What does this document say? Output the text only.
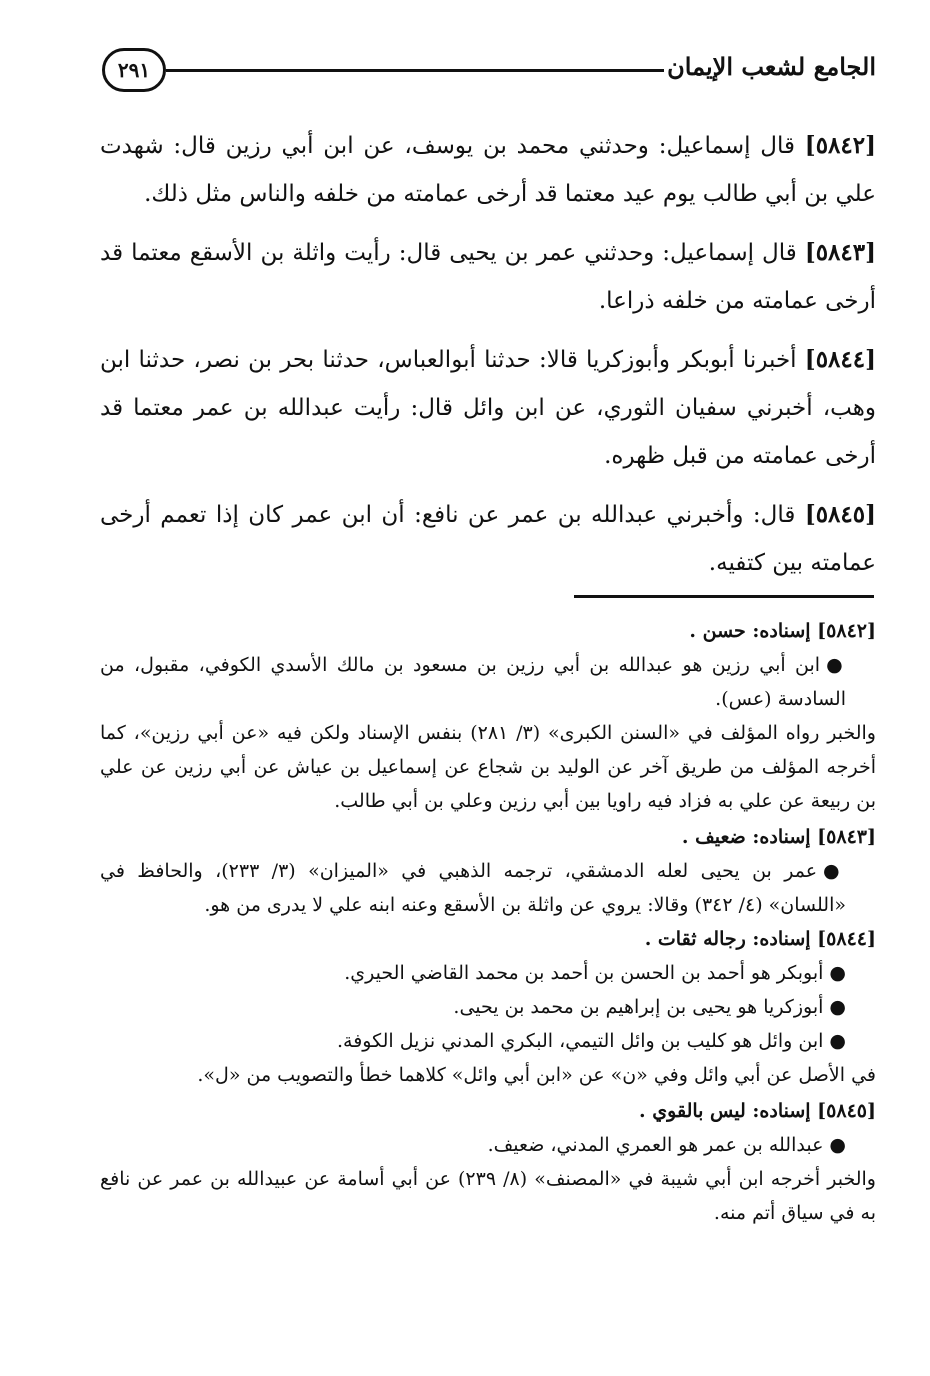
٢٩١	الجامع لشعب الإيمان

[٥٨٤٢] قال إسماعيل: وحدثني محمد بن يوسف، عن ابن أبي رزين قال: شهدت علي بن أبي طالب يوم عيد معتما قد أرخى عمامته من خلفه والناس مثل ذلك.

[٥٨٤٣] قال إسماعيل: وحدثني عمر بن يحيى قال: رأيت واثلة بن الأسقع معتما قد أرخى عمامته من خلفه ذراعا.

[٥٨٤٤] أخبرنا أبوبكر وأبوزكريا قالا: حدثنا أبوالعباس، حدثنا بحر بن نصر، حدثنا ابن وهب، أخبرني سفيان الثوري، عن ابن وائل قال: رأيت عبدالله بن عمر معتما قد أرخى عمامته من قبل ظهره.

[٥٨٤٥] قال: وأخبرني عبدالله بن عمر عن نافع: أن ابن عمر كان إذا تعمم أرخى عمامته بين كتفيه.

[٥٨٤٢] إسناده: حسن .

●ابن أبي رزين هو عبدالله بن أبي رزين بن مسعود بن مالك الأسدي الكوفي، مقبول، من السادسة (عس).

والخبر رواه المؤلف في «السنن الكبرى» (٣/ ٢٨١) بنفس الإسناد ولكن فيه «عن أبي رزين»، كما أخرجه المؤلف من طريق آخر عن الوليد بن شجاع عن إسماعيل بن عياش عن أبي رزين عن علي بن ربيعة عن علي به فزاد فيه راويا بين أبي رزين وعلي بن أبي طالب.

[٥٨٤٣] إسناده: ضعيف .

●عمر بن يحيى لعله الدمشقي، ترجمه الذهبي في «الميزان» (٣/ ٢٣٣)، والحافظ في «اللسان» (٤/ ٣٤٢) وقالا: يروي عن واثلة بن الأسقع وعنه ابنه علي لا يدرى من هو.

[٥٨٤٤] إسناده: رجاله ثقات .

●أبوبكر هو أحمد بن الحسن بن أحمد بن محمد القاضي الحيري.

●أبوزكريا هو يحيى بن إبراهيم بن محمد بن يحيى.

●ابن وائل هو كليب بن وائل التيمي، البكري المدني نزيل الكوفة.

في الأصل عن أبي وائل وفي «ن» عن «ابن أبي وائل» كلاهما خطأ والتصويب من «ل».

[٥٨٤٥] إسناده: ليس بالقوي .

●عبدالله بن عمر هو العمري المدني، ضعيف.

والخبر أخرجه ابن أبي شيبة في «المصنف» (٨/ ٢٣٩) عن أبي أسامة عن عبيدالله بن عمر عن نافع به في سياق أتم منه.
